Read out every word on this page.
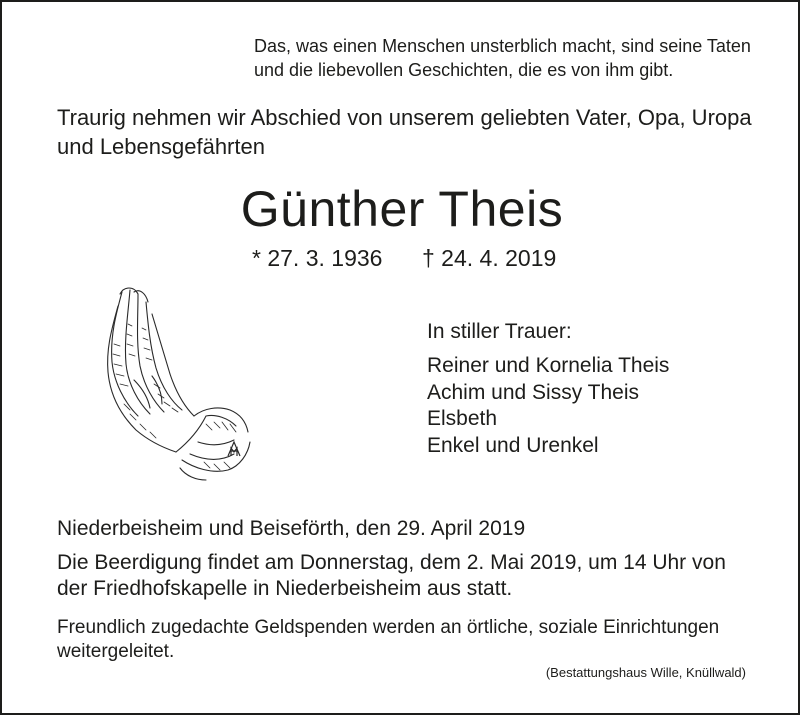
Das, was einen Menschen unsterblich macht, sind seine Taten
und die liebevollen Geschichten, die es von ihm gibt.
Traurig nehmen wir Abschied von unserem geliebten Vater, Opa, Uropa
und Lebensgefährten
Günther Theis
* 27. 3. 1936 † 24. 4. 2019
In stiller Trauer:
Reiner und Kornelia Theis
Achim und Sissy Theis
Elsbeth
Enkel und Urenkel
Niederbeisheim und Beiseförth, den 29. April 2019
Die Beerdigung findet am Donnerstag, dem 2. Mai 2019, um 14 Uhr von
der Friedhofskapelle in Niederbeisheim aus statt.
Freundlich zugedachte Geldspenden werden an örtliche, soziale Einrichtungen
weitergeleitet.
(Bestattungshaus Wille, Knüllwald)
